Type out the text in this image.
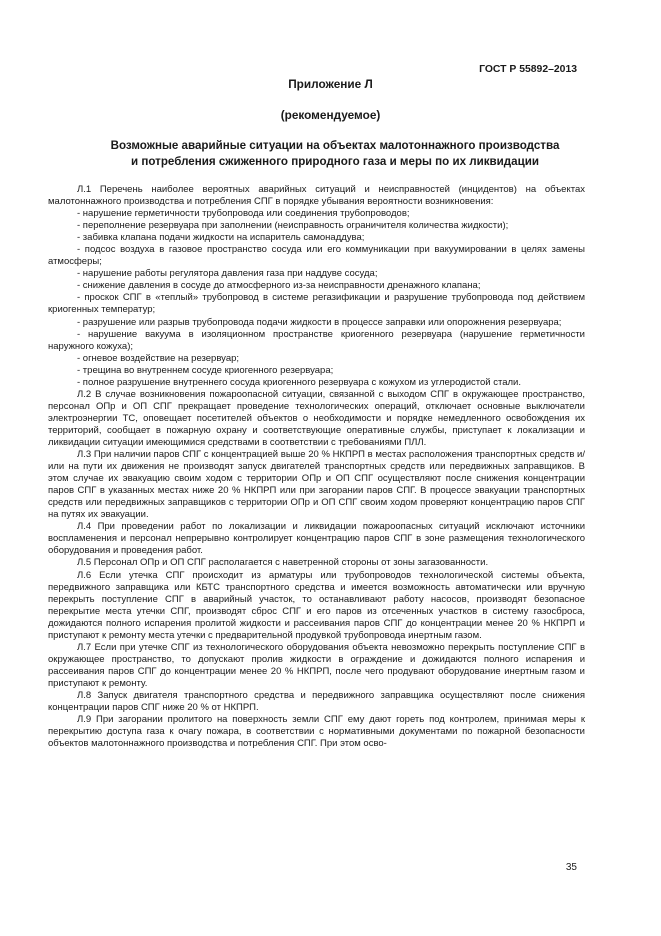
ГОСТ Р 55892–2013
Приложение Л
(рекомендуемое)
Возможные аварийные ситуации на объектах малотоннажного производства
и потребления сжиженного природного газа и меры по их ликвидации

Л.1 Перечень наиболее вероятных аварийных ситуаций и неисправностей (инцидентов) на объектах малотоннажного производства и потребления СПГ в порядке убывания вероятности возникновения:

- нарушение герметичности трубопровода или соединения трубопроводов;

- переполнение резервуара при заполнении (неисправность ограничителя количества жидкости);

- забивка клапана подачи жидкости на испаритель самонаддува;

- подсос воздуха в газовое пространство сосуда или его коммуникации при вакуумировании в целях замены атмосферы;

- нарушение работы регулятора давления газа при наддуве сосуда;

- снижение давления в сосуде до атмосферного из-за неисправности дренажного клапана;

- проскок СПГ в «теплый» трубопровод в системе регазификации и разрушение трубопровода под действием криогенных температур;

- разрушение или разрыв трубопровода подачи жидкости в процессе заправки или опорожнения резервуара;

- нарушение вакуума в изоляционном пространстве криогенного резервуара (нарушение герметичности наружного кожуха);

- огневое воздействие на резервуар;

- трещина во внутреннем сосуде криогенного резервуара;

- полное разрушение внутреннего сосуда криогенного резервуара с кожухом из углеродистой стали.

Л.2 В случае возникновения пожароопасной ситуации, связанной с выходом СПГ в окружающее пространство, персонал ОПр и ОП СПГ прекращает проведение технологических операций, отключает основные выключатели электроэнергии ТС, оповещает посетителей объектов о необходимости и порядке немедленного освобождения их территорий, сообщает в пожарную охрану и соответствующие оперативные службы, приступает к локализации и ликвидации ситуации имеющимися средствами в соответствии с требованиями ПЛЛ.

Л.3 При наличии паров СПГ с концентрацией выше 20 % НКПРП в местах расположения транспортных средств и/или на пути их движения не производят запуск двигателей транспортных средств или передвижных заправщиков. В этом случае их эвакуацию своим ходом с территории ОПр и ОП СПГ осуществляют после снижения концентрации паров СПГ в указанных местах ниже 20 % НКПРП или при загорании паров СПГ. В процессе эвакуации транспортных средств или передвижных заправщиков с территории ОПр и ОП СПГ своим ходом проверяют концентрацию паров СПГ на путях их эвакуации.

Л.4 При проведении работ по локализации и ликвидации пожароопасных ситуаций исключают источники воспламенения и персонал непрерывно контролирует концентрацию паров СПГ в зоне размещения технологического оборудования и проведения работ.

Л.5 Персонал ОПр и ОП СПГ располагается с наветренной стороны от зоны загазованности.

Л.6 Если утечка СПГ происходит из арматуры или трубопроводов технологической системы объекта, передвижного заправщика или КБТС транспортного средства и имеется возможность автоматически или вручную перекрыть поступление СПГ в аварийный участок, то останавливают работу насосов, производят безопасное перекрытие места утечки СПГ, производят сброс СПГ и его паров из отсеченных участков в систему газосброса, дожидаются полного испарения пролитой жидкости и рассеивания паров СПГ до концентрации менее 20 % НКПРП и приступают к ремонту места утечки с предварительной продувкой трубопровода инертным газом.

Л.7 Если при утечке СПГ из технологического оборудования объекта невозможно перекрыть поступление СПГ в окружающее пространство, то допускают пролив жидкости в ограждение и дожидаются полного испарения и рассеивания паров СПГ до концентрации менее 20 % НКПРП, после чего продувают оборудование инертным газом и приступают к ремонту.

Л.8 Запуск двигателя транспортного средства и передвижного заправщика осуществляют после снижения концентрации паров СПГ ниже 20 % от НКПРП.

Л.9 При загорании пролитого на поверхность земли СПГ ему дают гореть под контролем, принимая меры к перекрытию доступа газа к очагу пожара, в соответствии с нормативными документами по пожарной безопасности объектов малотоннажного производства и потребления СПГ. При этом осво-

35
